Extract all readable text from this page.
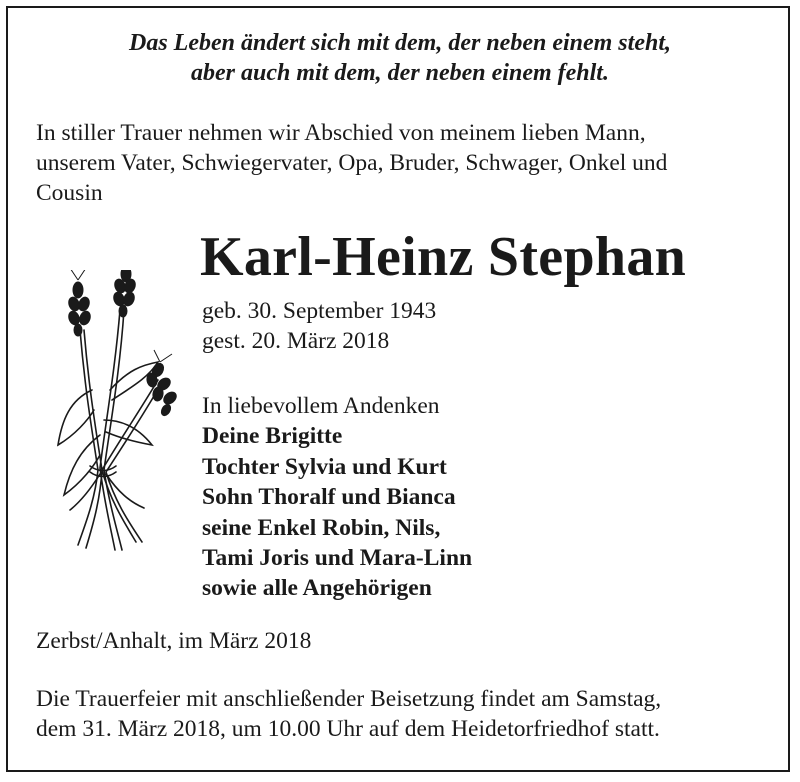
Das Leben ändert sich mit dem, der neben einem steht,
aber auch mit dem, der neben einem fehlt.
In stiller Trauer nehmen wir Abschied von meinem lieben Mann,
unserem Vater, Schwiegervater, Opa, Bruder, Schwager, Onkel und
Cousin
Karl-Heinz Stephan
geb. 30. September 1943
gest. 20. März 2018
In liebevollem Andenken
Deine Brigitte
Tochter Sylvia und Kurt
Sohn Thoralf und Bianca
seine Enkel Robin, Nils,
Tami Joris und Mara-Linn
sowie alle Angehörigen
Zerbst/Anhalt, im März 2018
Die Trauerfeier mit anschließender Beisetzung findet am Samstag,
dem 31. März 2018, um 10.00 Uhr auf dem Heidetorfriedhof statt.
